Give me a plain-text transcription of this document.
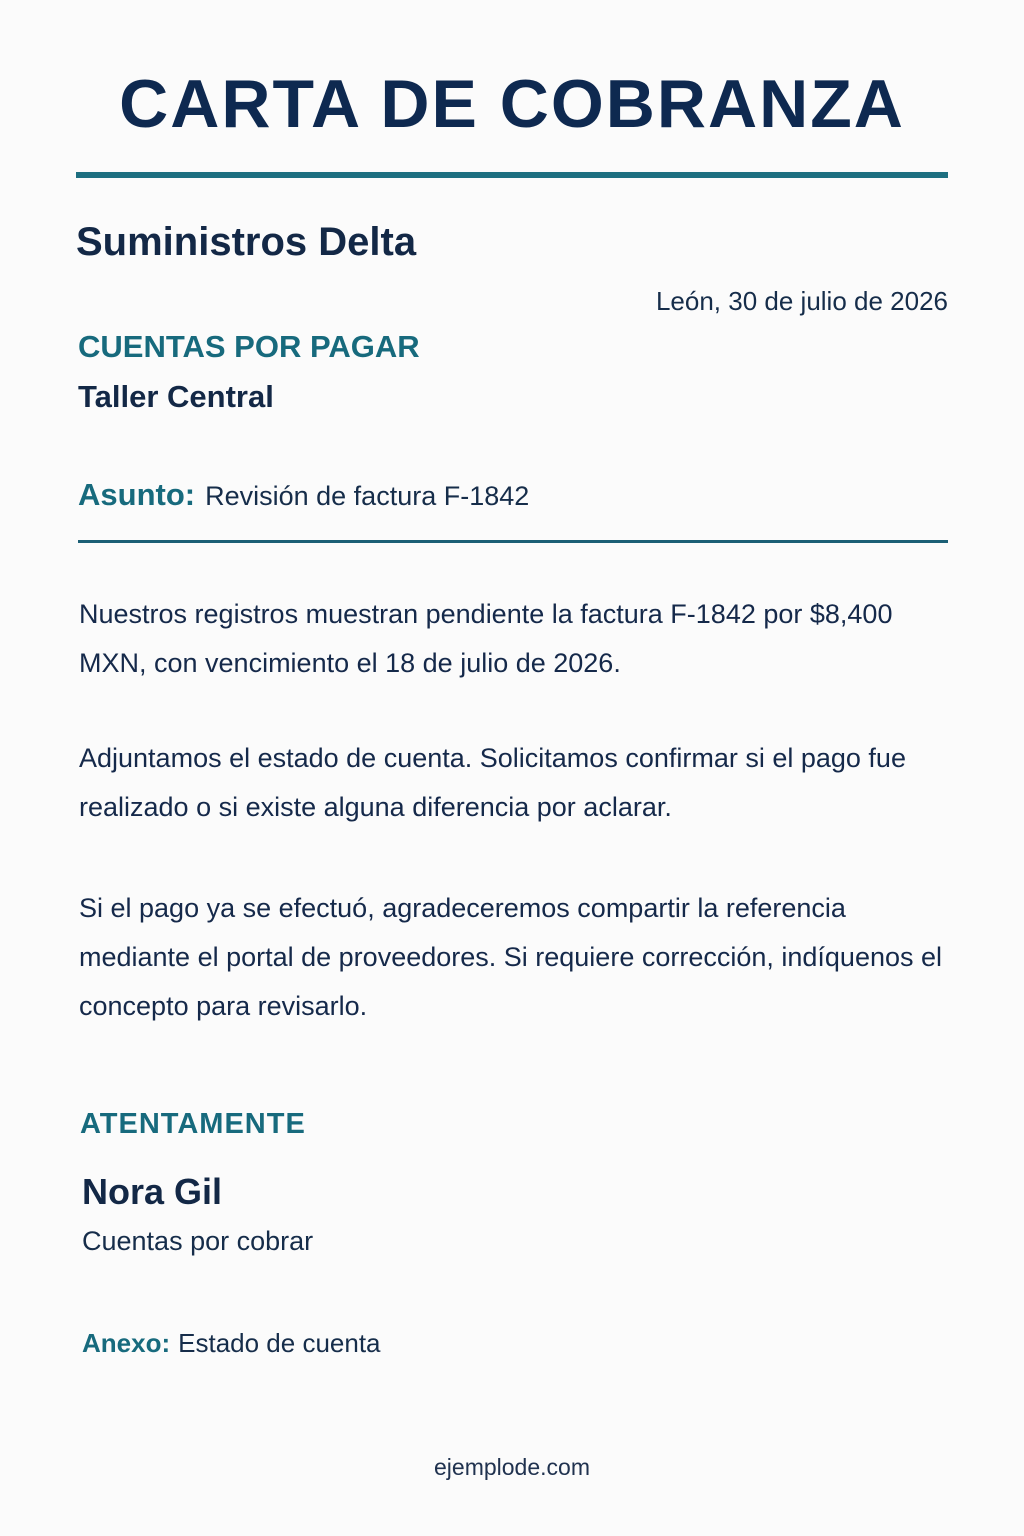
CARTA DE COBRANZA
Suministros Delta
León, 30 de julio de 2026
CUENTAS POR PAGAR
Taller Central
Asunto: Revisión de factura F-1842

Nuestros registros muestran pendiente la factura F-1842 por $8,400 MXN, con vencimiento el 18 de julio de 2026.

Adjuntamos el estado de cuenta. Solicitamos confirmar si el pago fue realizado o si existe alguna diferencia por aclarar.

Si el pago ya se efectuó, agradeceremos compartir la referencia mediante el portal de proveedores. Si requiere corrección, indíquenos el concepto para revisarlo.

ATENTAMENTE
Nora Gil
Cuentas por cobrar
Anexo: Estado de cuenta
ejemplode.com
